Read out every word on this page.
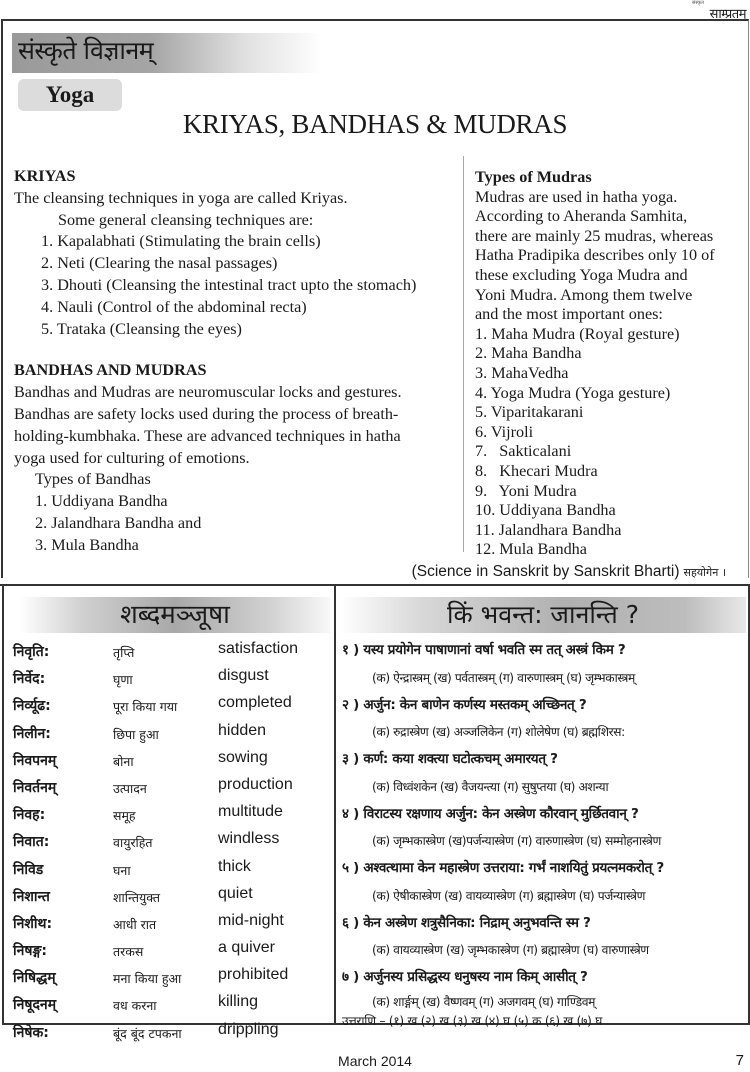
संस्कृत
साम्प्रतम्
संस्कृते विज्ञानम्
Yoga
KRIYAS, BANDHAS & MUDRAS
KRIYAS
The cleansing techniques in yoga are called Kriyas.
Some general cleansing techniques are:
1. Kapalabhati (Stimulating the brain cells)
2. Neti (Clearing the nasal passages)
3. Dhouti (Cleansing the intestinal tract upto the stomach)
4. Nauli (Control of the abdominal recta)
5. Trataka (Cleansing the eyes)
BANDHAS AND MUDRAS
Bandhas and Mudras are neuromuscular locks and gestures.
Bandhas are safety locks used during the process of breath-
holding-kumbhaka. These are advanced techniques in hatha
yoga used for culturing of emotions.
Types of Bandhas
1. Uddiyana Bandha
2. Jalandhara Bandha and
3. Mula Bandha
Types of Mudras
Mudras are used in hatha yoga.
According to Aheranda Samhita,
there are mainly 25 mudras, whereas
Hatha Pradipika describes only 10 of
these excluding Yoga Mudra and
Yoni Mudra. Among them twelve
and the most important ones:
1. Maha Mudra (Royal gesture)
2. Maha Bandha
3. MahaVedha
4. Yoga Mudra (Yoga gesture)
5. Viparitakarani
6. Vijroli
7.   Sakticalani
8.   Khecari Mudra
9.   Yoni Mudra
10. Uddiyana Bandha
11. Jalandhara Bandha
12. Mula Bandha
(Science in Sanskrit by Sanskrit Bharti) सहयोगेन ।
शब्दमञ्जूषा	किं भवन्त: जानन्ति ?
निवृति:	तृप्ति	satisfaction
निर्वेद:	घृणा	disgust
निर्व्यूढ:	पूरा किया गया	completed
निलीन:	छिपा हुआ	hidden
निवपनम्	बोना	sowing
निवर्तनम्	उत्पादन	production
निवह:	समूह	multitude
निवात:	वायुरहित	windless
निविड	घना	thick
निशान्त	शान्तियुक्त	quiet
निशीथ:	आधी रात	mid-night
निषङ्ग:	तरकस	a quiver
निषिद्धम्	मना किया हुआ prohibited
निषूदनम्	वध करना	killing
निषेक:	बूंद बूंद टपकना drippling
१ ) यस्य प्रयोगेन पाषाणानां वर्षा भवति स्म तत् अस्त्रं किम ?
(क) ऐन्द्रास्त्रम् (ख) पर्वतास्त्रम् (ग) वारुणास्त्रम् (घ) जृम्भकास्त्रम्
२ ) अर्जुन: केन बाणेन कर्णस्य मस्तकम् अच्छिनत् ?
(क) रुद्रास्त्रेण (ख) अञ्जलिकेन (ग) शोलेषेण (घ) ब्रह्मशिरस:
३ ) कर्ण: कया शक्त्या घटोत्कचम् अमारयत् ?
(क) विध्वंशकेन (ख) वैजयन्त्या (ग) सुषुप्तया (घ) अशन्या
४ ) विराटस्य रक्षणाय अर्जुन: केन अस्त्रेण कौरवान् मुर्छितवान् ?
(क) जृम्भकास्त्रेण (ख)पर्जन्यास्त्रेण (ग) वारुणास्त्रेण (घ) सम्मोहनास्त्रेण
५ ) अश्वत्थामा केन महास्त्रेण उत्तराया: गर्भं नाशयितुं प्रयत्नमकरोत् ?
(क) ऐषीकास्त्रेण (ख) वायव्यास्त्रेण (ग) ब्रह्मास्त्रेण (घ) पर्जन्यास्त्रेण
६ ) केन अस्त्रेण शत्रुसैनिका: निद्राम् अनुभवन्ति स्म ?
(क) वायव्यास्त्रेण (ख) जृम्भकास्त्रेण (ग) ब्रह्मास्त्रेण (घ) वारुणास्त्रेण
७ ) अर्जुनस्य प्रसिद्धस्य धनुषस्य नाम किम् आसीत् ?
(क) शार्ङ्गम् (ख) वैष्णवम् (ग) अजगवम् (घ) गाण्डिवम्
उत्तराणि – (१) ख (२) ख (३) ख (४) घ (५) क (६) ख (७) घ
March 2014	7
